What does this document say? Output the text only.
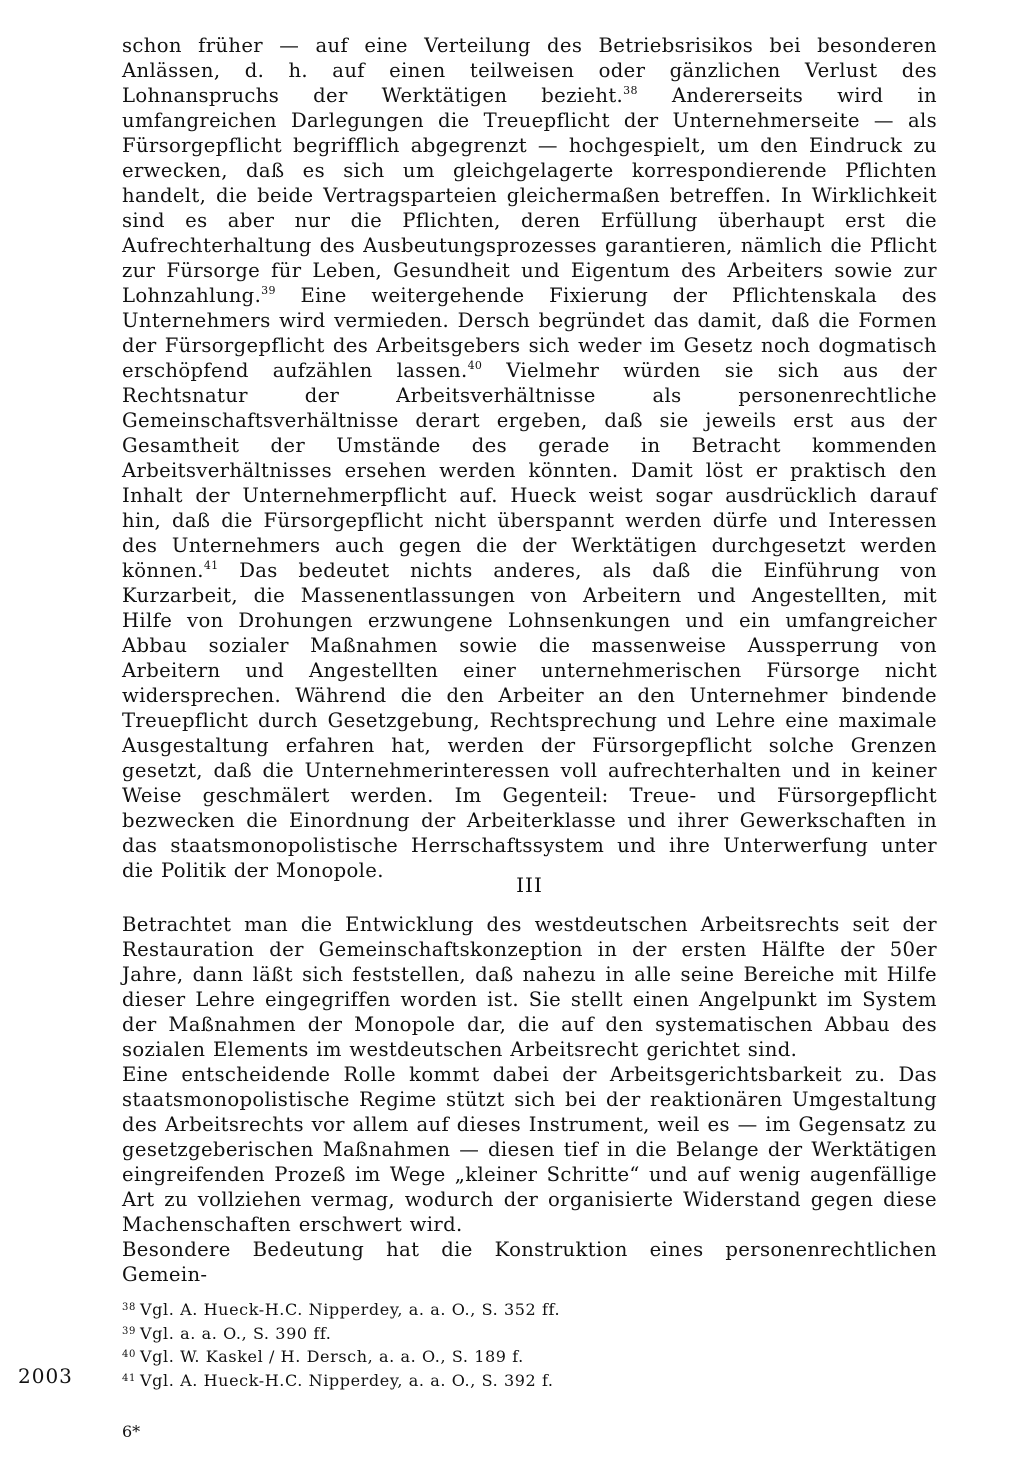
schon früher — auf eine Verteilung des Betriebsrisikos bei besonderen Anlässen, d. h. auf einen teilweisen oder gänzlichen Verlust des Lohnanspruchs der Werktätigen bezieht.$^{38}$ Andererseits wird in umfangreichen Darlegungen die Treuepflicht der Unternehmerseite — als Fürsorgepflicht begrifflich abgegrenzt — hochgespielt, um den Eindruck zu erwecken, daß es sich um gleichgelagerte korrespondierende Pflichten handelt, die beide Vertragsparteien gleichermaßen betreffen. In Wirklichkeit sind es aber nur die Pflichten, deren Erfüllung überhaupt erst die Aufrechterhaltung des Ausbeutungsprozesses garantieren, nämlich die Pflicht zur Fürsorge für Leben, Gesundheit und Eigentum des Arbeiters sowie zur Lohnzahlung.$^{39}$ Eine weitergehende Fixierung der Pflichtenskala des Unternehmers wird vermieden. Dersch begründet das damit, daß die Formen der Fürsorgepflicht des Arbeitsgebers sich weder im Gesetz noch dogmatisch erschöpfend aufzählen lassen.$^{40}$ Vielmehr würden sie sich aus der Rechtsnatur der Arbeitsverhältnisse als personenrechtliche Gemeinschaftsverhältnisse derart ergeben, daß sie jeweils erst aus der Gesamtheit der Umstände des gerade in Betracht kommenden Arbeitsverhältnisses ersehen werden könnten. Damit löst er praktisch den Inhalt der Unternehmerpflicht auf. Hueck weist sogar ausdrücklich darauf hin, daß die Fürsorgepflicht nicht überspannt werden dürfe und Interessen des Unternehmers auch gegen die der Werktätigen durchgesetzt werden können.$^{41}$ Das bedeutet nichts anderes, als daß die Einführung von Kurzarbeit, die Massenentlassungen von Arbeitern und Angestellten, mit Hilfe von Drohungen erzwungene Lohnsenkungen und ein umfangreicher Abbau sozialer Maßnahmen sowie die massenweise Aussperrung von Arbeitern und Angestellten einer unternehmerischen Fürsorge nicht widersprechen. Während die den Arbeiter an den Unternehmer bindende Treuepflicht durch Gesetzgebung, Rechtsprechung und Lehre eine maximale Ausgestaltung erfahren hat, werden der Fürsorgepflicht solche Grenzen gesetzt, daß die Unternehmerinteressen voll aufrechterhalten und in keiner Weise geschmälert werden. Im Gegenteil: Treue- und Fürsorgepflicht bezwecken die Einordnung der Arbeiterklasse und ihrer Gewerkschaften in das staatsmonopolistische Herrschaftssystem und ihre Unterwerfung unter die Politik der Monopole.

III

Betrachtet man die Entwicklung des westdeutschen Arbeitsrechts seit der Restauration der Gemeinschaftskonzeption in der ersten Hälfte der 50er Jahre, dann läßt sich feststellen, daß nahezu in alle seine Bereiche mit Hilfe dieser Lehre eingegriffen worden ist. Sie stellt einen Angelpunkt im System der Maßnahmen der Monopole dar, die auf den systematischen Abbau des sozialen Elements im westdeutschen Arbeitsrecht gerichtet sind.

Eine entscheidende Rolle kommt dabei der Arbeitsgerichtsbarkeit zu. Das staatsmonopolistische Regime stützt sich bei der reaktionären Umgestaltung des Arbeitsrechts vor allem auf dieses Instrument, weil es — im Gegensatz zu gesetzgeberischen Maßnahmen — diesen tief in die Belange der Werktätigen eingreifenden Prozeß im Wege „kleiner Schritte“ und auf wenig augenfällige Art zu vollziehen vermag, wodurch der organisierte Widerstand gegen diese Machenschaften erschwert wird.

Besondere Bedeutung hat die Konstruktion eines personenrechtlichen Gemein-

$^{38}$ Vgl. A. Hueck-H.C. Nipperdey, a. a. O., S. 352 ff.
$^{39}$ Vgl. a. a. O., S. 390 ff.
$^{40}$ Vgl. W. Kaskel / H. Dersch, a. a. O., S. 189 f.
$^{41}$ Vgl. A. Hueck-H.C. Nipperdey, a. a. O., S. 392 f.
2003
6*
